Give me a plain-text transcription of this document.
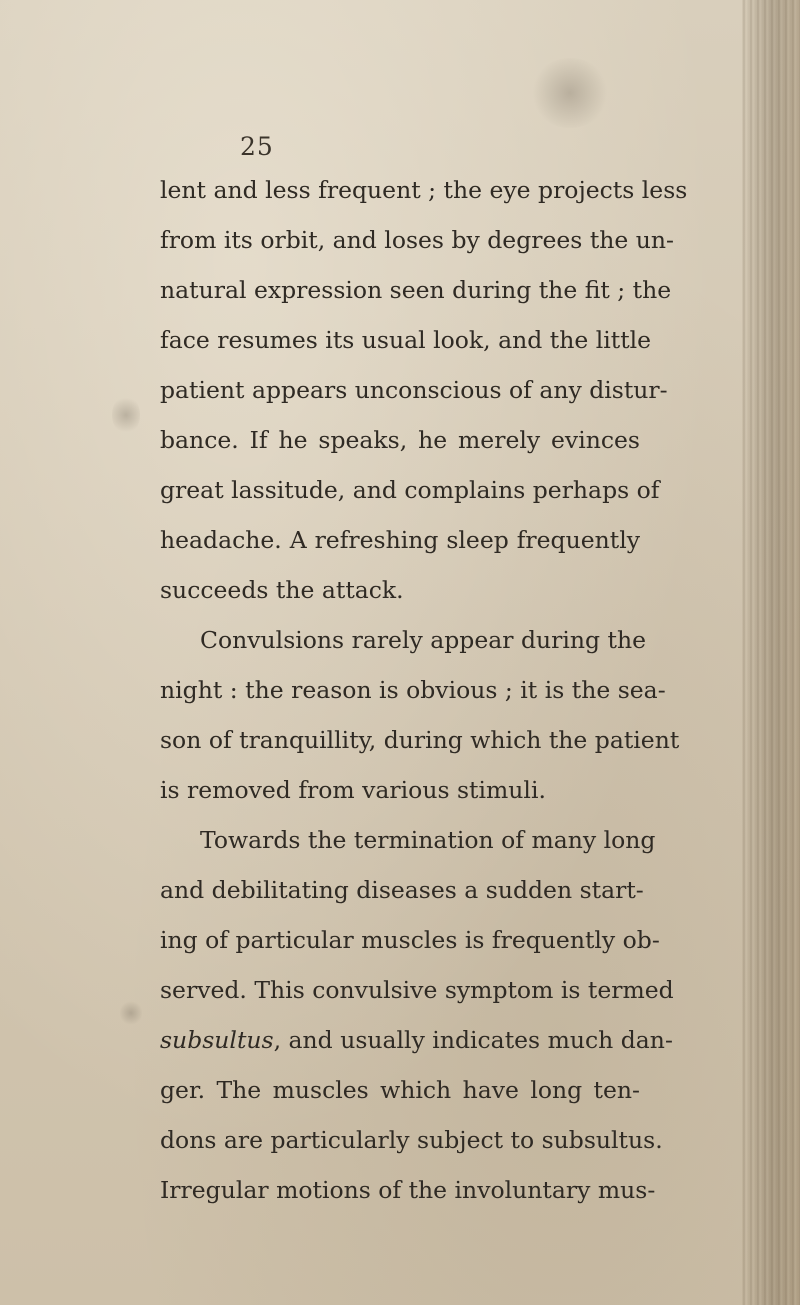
25
lent and less frequent ; the eye projects less
from its orbit, and loses by degrees the un-
natural expression seen during the fit ; the
face resumes its usual look, and the little
patient appears unconscious of any distur-
bance. If he speaks, he merely evinces
great lassitude, and complains perhaps of
headache. A refreshing sleep frequently
succeeds the attack.
Convulsions rarely appear during the
night : the reason is obvious ; it is the sea-
son of tranquillity, during which the patient
is removed from various stimuli.
Towards the termination of many long
and debilitating diseases a sudden start-
ing of particular muscles is frequently ob-
served. This convulsive symptom is termed
subsultus, and usually indicates much dan-
ger. The muscles which have long ten-
dons are particularly subject to subsultus.
Irregular motions of the involuntary mus-
